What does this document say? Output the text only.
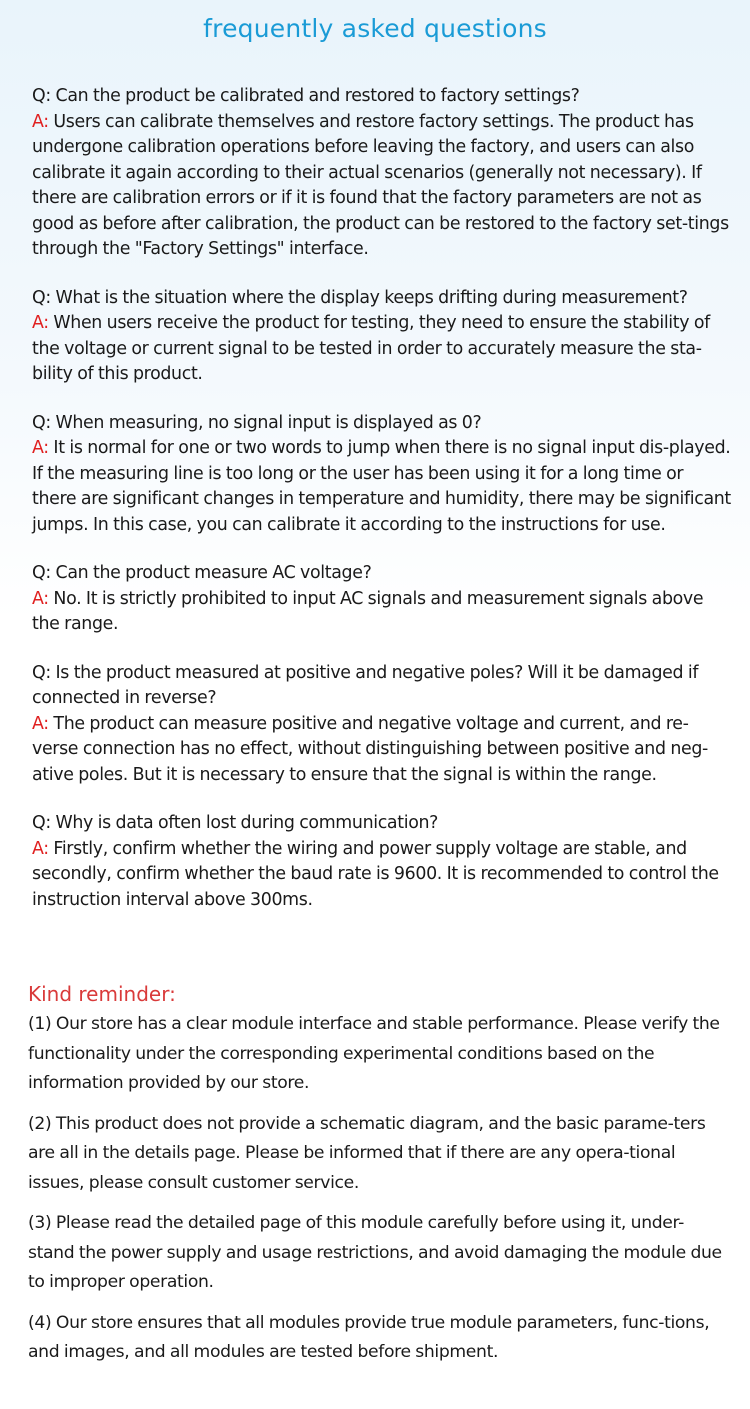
frequently asked questions
Q: Can the product be calibrated and restored to factory settings?
A: Users can calibrate themselves and restore factory settings. The product has undergone calibration operations before leaving the factory, and users can also calibrate it again according to their actual scenarios (generally not necessary). If there are calibration errors or if it is found that the factory parameters are not as good as before after calibration, the product can be restored to the factory set-tings through the "Factory Settings" interface.
Q: What is the situation where the display keeps drifting during measurement?
A: When users receive the product for testing, they need to ensure the stability of the voltage or current signal to be tested in order to accurately measure the sta-bility of this product.
Q: When measuring, no signal input is displayed as 0?
A: It is normal for one or two words to jump when there is no signal input dis-played. If the measuring line is too long or the user has been using it for a long time or there are significant changes in temperature and humidity, there may be significant jumps. In this case, you can calibrate it according to the instructions for use.
Q: Can the product measure AC voltage?
A: No. It is strictly prohibited to input AC signals and measurement signals above the range.
Q: Is the product measured at positive and negative poles? Will it be damaged if connected in reverse?
A: The product can measure positive and negative voltage and current, and re-verse connection has no effect, without distinguishing between positive and neg-ative poles. But it is necessary to ensure that the signal is within the range.
Q: Why is data often lost during communication?
A: Firstly, confirm whether the wiring and power supply voltage are stable, and secondly, confirm whether the baud rate is 9600. It is recommended to control the instruction interval above 300ms.
Kind reminder:

(1) Our store has a clear module interface and stable performance. Please verify the functionality under the corresponding experimental conditions based on the information provided by our store.

(2) This product does not provide a schematic diagram, and the basic parame-ters are all in the details page. Please be informed that if there are any opera-tional issues, please consult customer service.

(3) Please read the detailed page of this module carefully before using it, under-stand the power supply and usage restrictions, and avoid damaging the module due to improper operation.

(4) Our store ensures that all modules provide true module parameters, func-tions, and images, and all modules are tested before shipment.
